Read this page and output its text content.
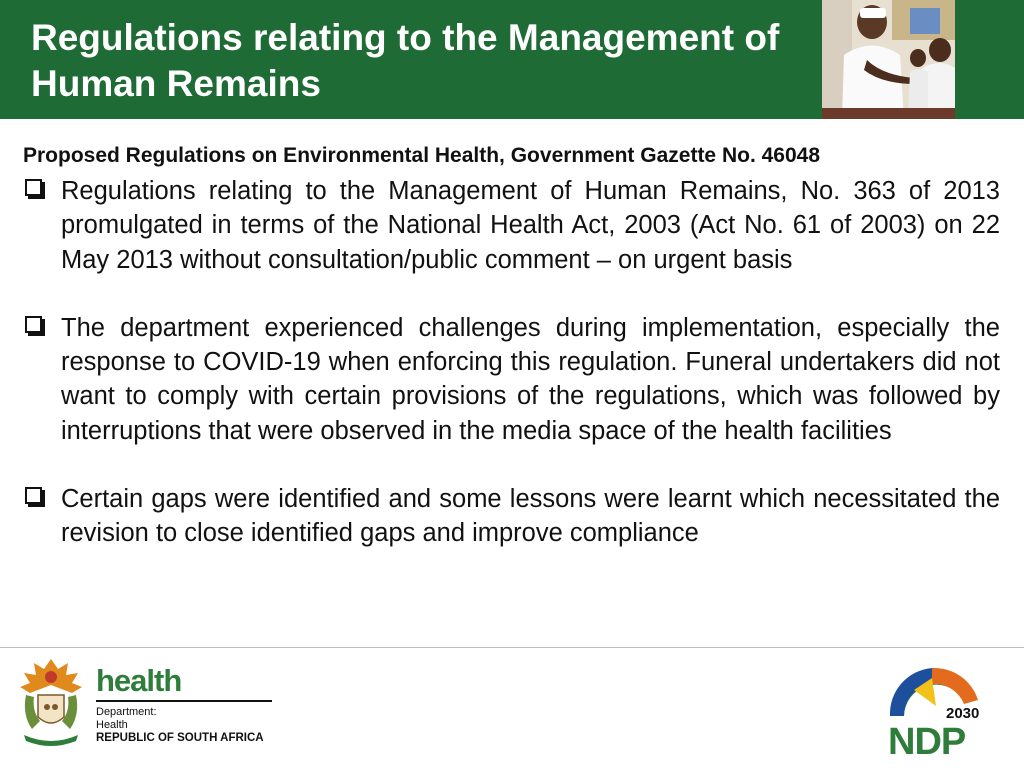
Regulations relating to the Management of Human Remains

Proposed Regulations on Environmental Health, Government Gazette No. 46048

Regulations relating to the Management of Human Remains, No. 363 of 2013 promulgated in terms of the National Health Act, 2003 (Act No. 61 of 2003) on 22 May 2013 without consultation/public comment – on urgent basis
The department experienced challenges during implementation, especially the response to COVID-19 when enforcing this regulation. Funeral undertakers did not want to comply with certain provisions of the regulations, which was followed by interruptions that were observed in the media space of the health facilities
Certain gaps were identified and some lessons were learnt which necessitated the revision to close identified gaps and improve compliance
health
Department:
Health
REPUBLIC OF SOUTH AFRICA
2030
NDP
